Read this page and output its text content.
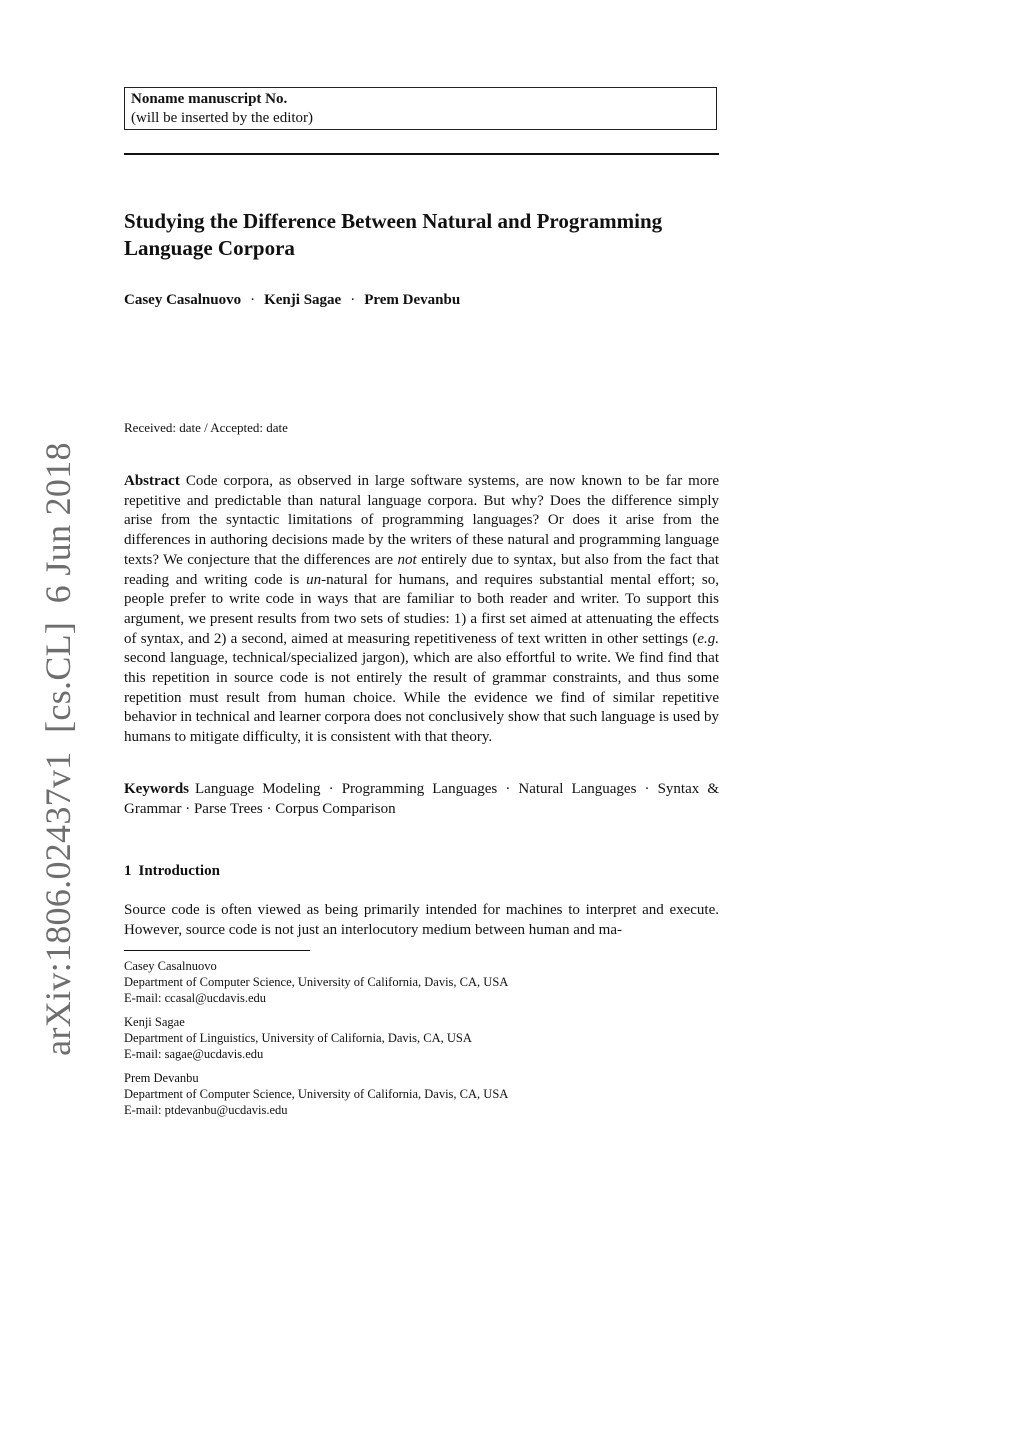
arXiv:1806.02437v1  [cs.CL]  6 Jun 2018
Noname manuscript No.
(will be inserted by the editor)
Studying the Difference Between Natural and Programming Language Corpora
Casey Casalnuovo · Kenji Sagae · Prem Devanbu
Received: date / Accepted: date

Abstract Code corpora, as observed in large software systems, are now known to be far more repetitive and predictable than natural language corpora. But why? Does the difference simply arise from the syntactic limitations of programming languages? Or does it arise from the differences in authoring decisions made by the writers of these natural and programming language texts? We conjecture that the differences are not entirely due to syntax, but also from the fact that reading and writing code is un-natural for humans, and requires substantial mental effort; so, people prefer to write code in ways that are familiar to both reader and writer. To support this argument, we present results from two sets of studies: 1) a first set aimed at attenuating the effects of syntax, and 2) a second, aimed at measuring repetitiveness of text written in other settings (e.g. second language, technical/specialized jargon), which are also effortful to write. We find find that this repetition in source code is not entirely the result of grammar constraints, and thus some repetition must result from human choice. While the evidence we find of similar repetitive behavior in technical and learner corpora does not conclusively show that such language is used by humans to mitigate difficulty, it is consistent with that theory.

Keywords Language Modeling · Programming Languages · Natural Languages · Syntax & Grammar · Parse Trees · Corpus Comparison

1 Introduction

Source code is often viewed as being primarily intended for machines to interpret and execute. However, source code is not just an interlocutory medium between human and ma-

Casey Casalnuovo
Department of Computer Science, University of California, Davis, CA, USA
E-mail: ccasal@ucdavis.edu
Kenji Sagae
Department of Linguistics, University of California, Davis, CA, USA
E-mail: sagae@ucdavis.edu
Prem Devanbu
Department of Computer Science, University of California, Davis, CA, USA
E-mail: ptdevanbu@ucdavis.edu
